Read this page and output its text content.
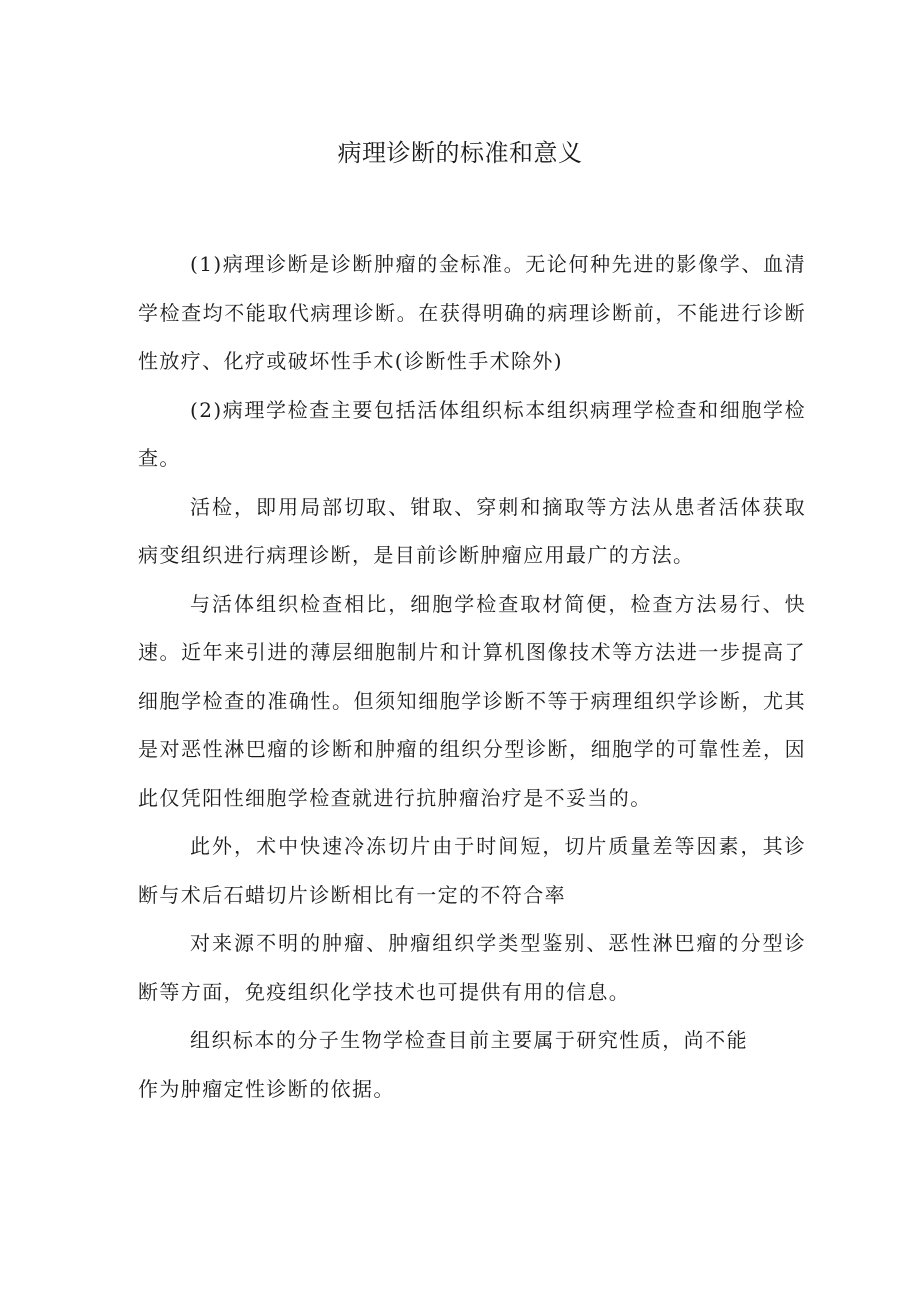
病理诊断的标准和意义

(1)病理诊断是诊断肿瘤的金标准。无论何种先进的影像学、血清学检查均不能取代病理诊断。在获得明确的病理诊断前，不能进行诊断性放疗、化疗或破坏性手术(诊断性手术除外)

(2)病理学检查主要包括活体组织标本组织病理学检查和细胞学检查。

活检，即用局部切取、钳取、穿刺和摘取等方法从患者活体获取病变组织进行病理诊断，是目前诊断肿瘤应用最广的方法。

与活体组织检查相比，细胞学检查取材简便，检查方法易行、快速。近年来引进的薄层细胞制片和计算机图像技术等方法进一步提高了细胞学检查的准确性。但须知细胞学诊断不等于病理组织学诊断，尤其是对恶性淋巴瘤的诊断和肿瘤的组织分型诊断，细胞学的可靠性差，因此仅凭阳性细胞学检查就进行抗肿瘤治疗是不妥当的。

此外，术中快速冷冻切片由于时间短，切片质量差等因素，其诊断与术后石蜡切片诊断相比有一定的不符合率

对来源不明的肿瘤、肿瘤组织学类型鉴别、恶性淋巴瘤的分型诊断等方面，免疫组织化学技术也可提供有用的信息。

组织标本的分子生物学检查目前主要属于研究性质，尚不能作为肿瘤定性诊断的依据。
